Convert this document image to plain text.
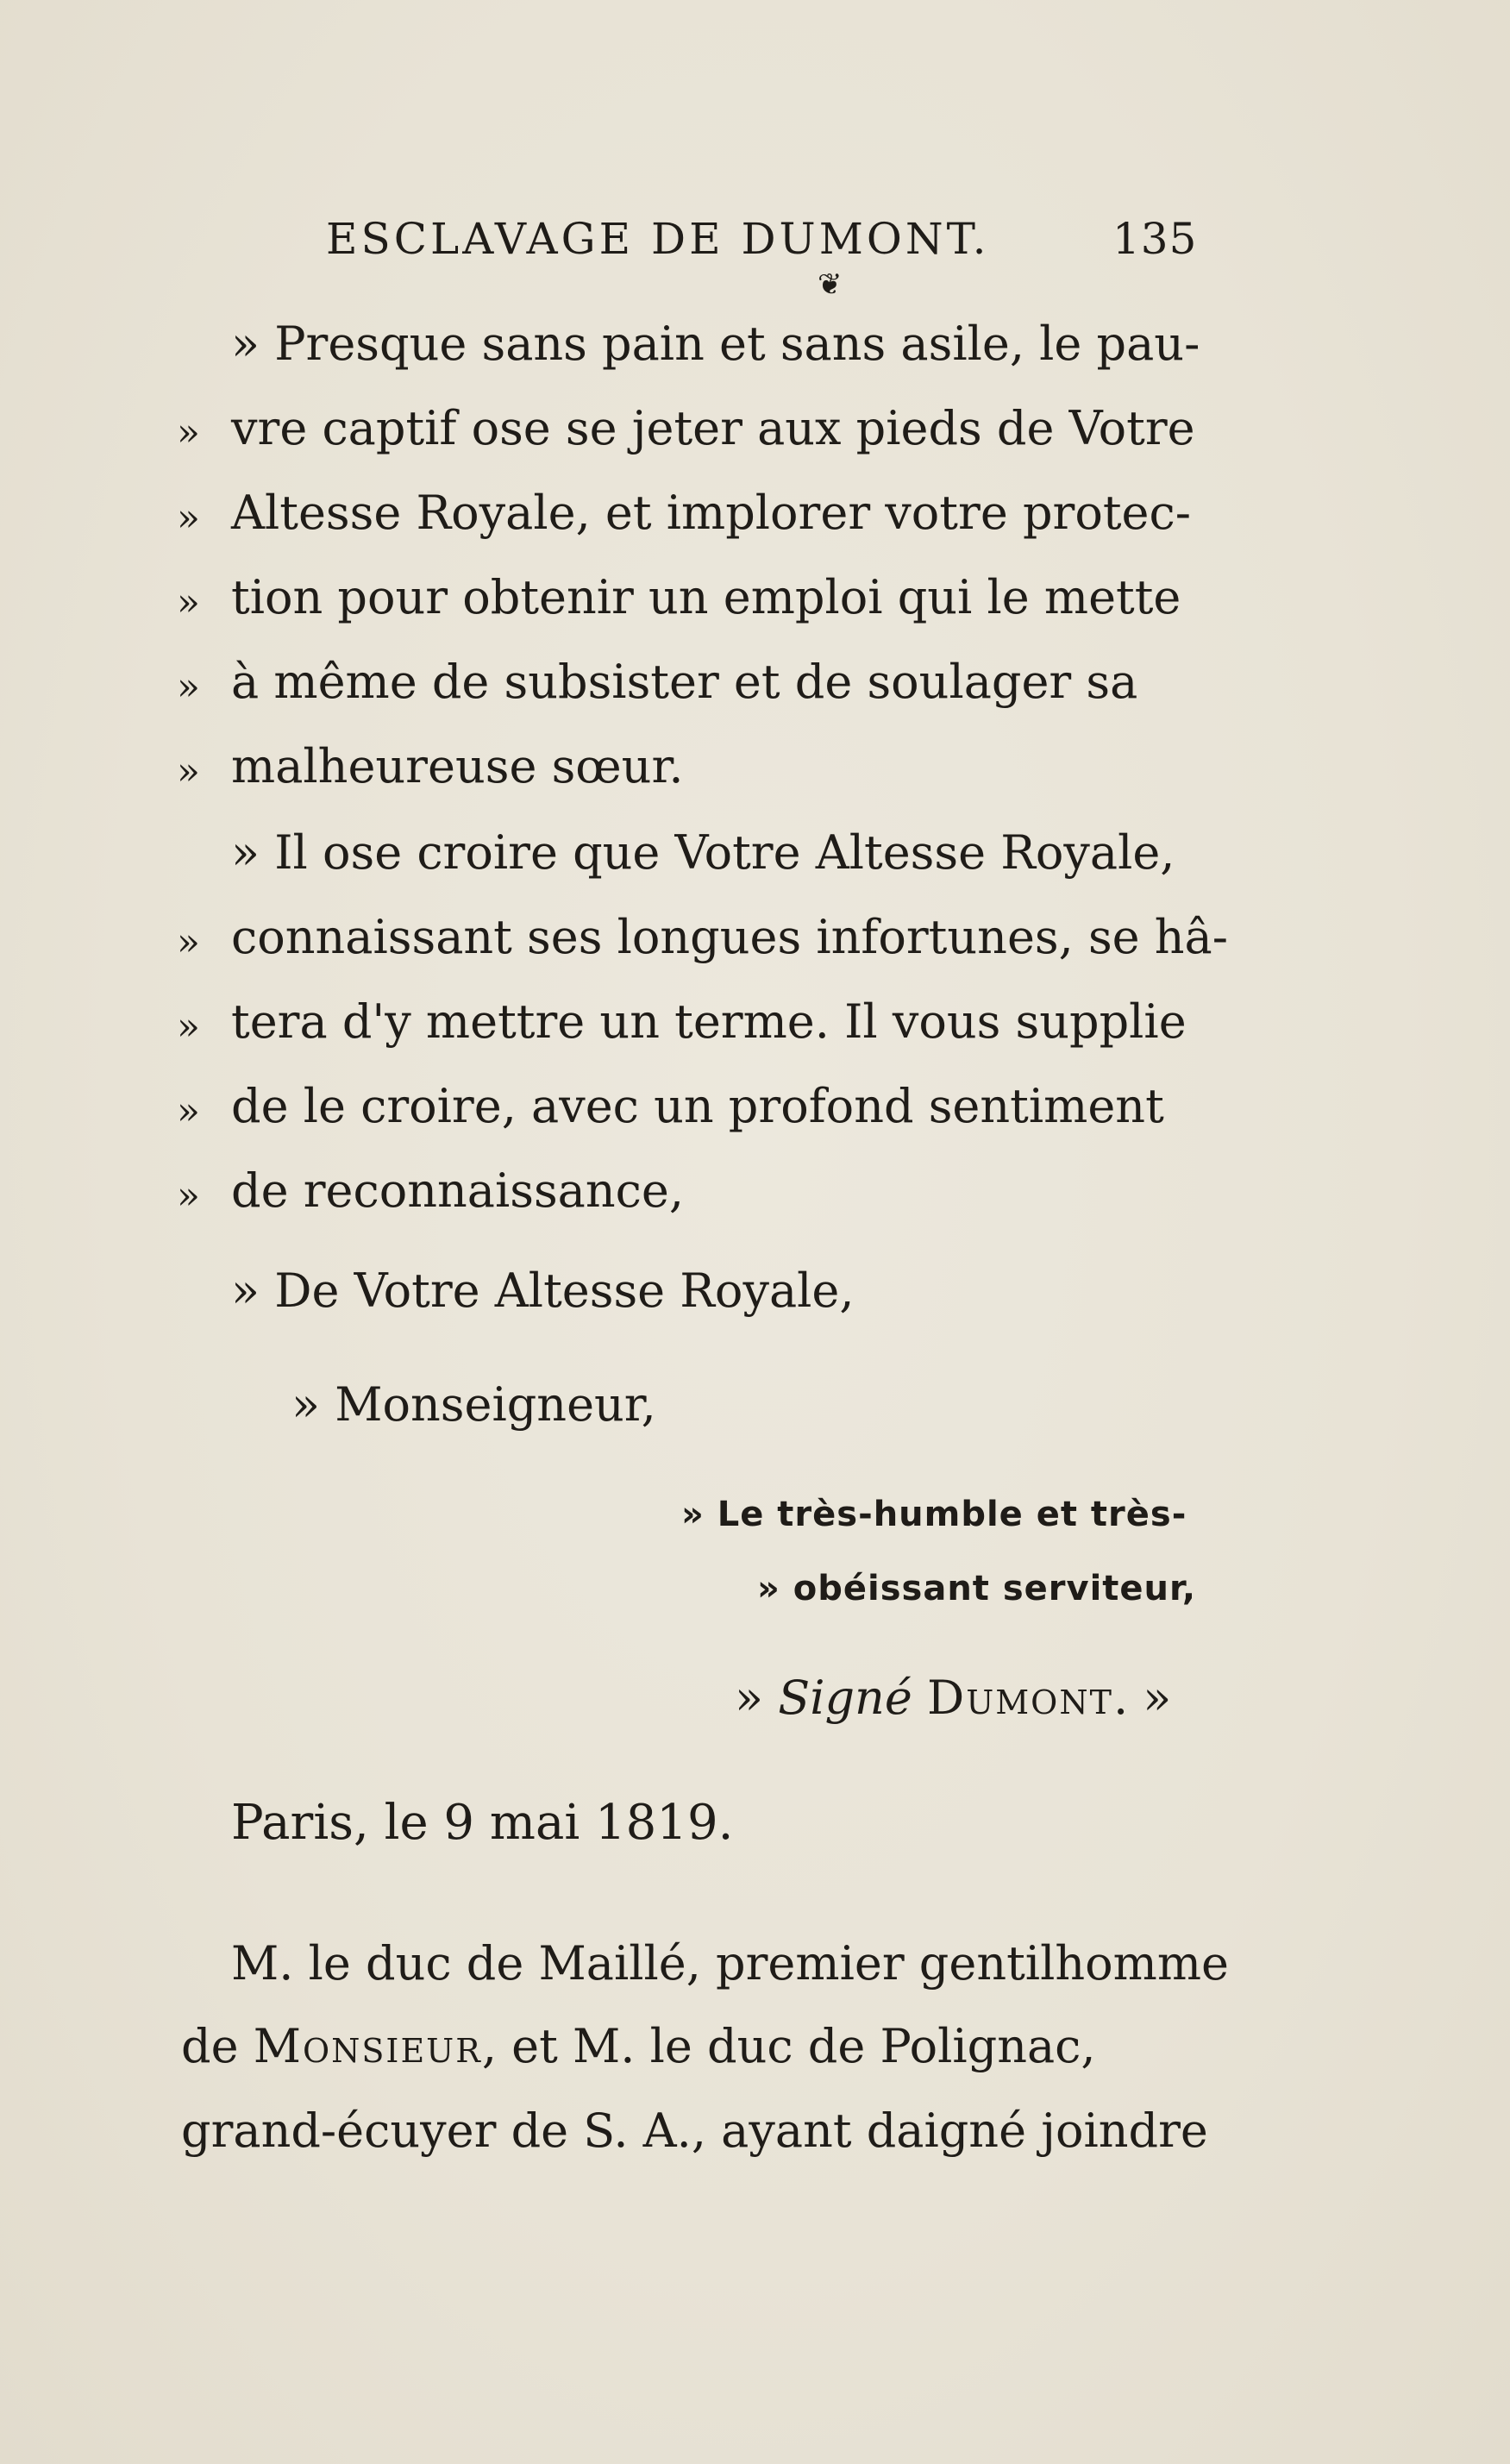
ESCLAVAGE DE DUMONT.	135
❦
» Presque sans pain et sans asile, le pau-
» vre captif ose se jeter aux pieds de Votre
» Altesse Royale, et implorer votre protec-
» tion pour obtenir un emploi qui le mette
» à même de subsister et de soulager sa
» malheureuse sœur.
» Il ose croire que Votre Altesse Royale,
» connaissant ses longues infortunes, se hâ-
» tera d'y mettre un terme. Il vous supplie
» de le croire, avec un profond sentiment
» de reconnaissance,
» De Votre Altesse Royale,
» Monseigneur,
» Le très-humble et très-
» obéissant serviteur,
» Signé Dumont. »
Paris, le 9 mai 1819.
M. le duc de Maillé, premier gentilhomme
de Monsieur, et M. le duc de Polignac,
grand-écuyer de S. A., ayant daigné joindre
